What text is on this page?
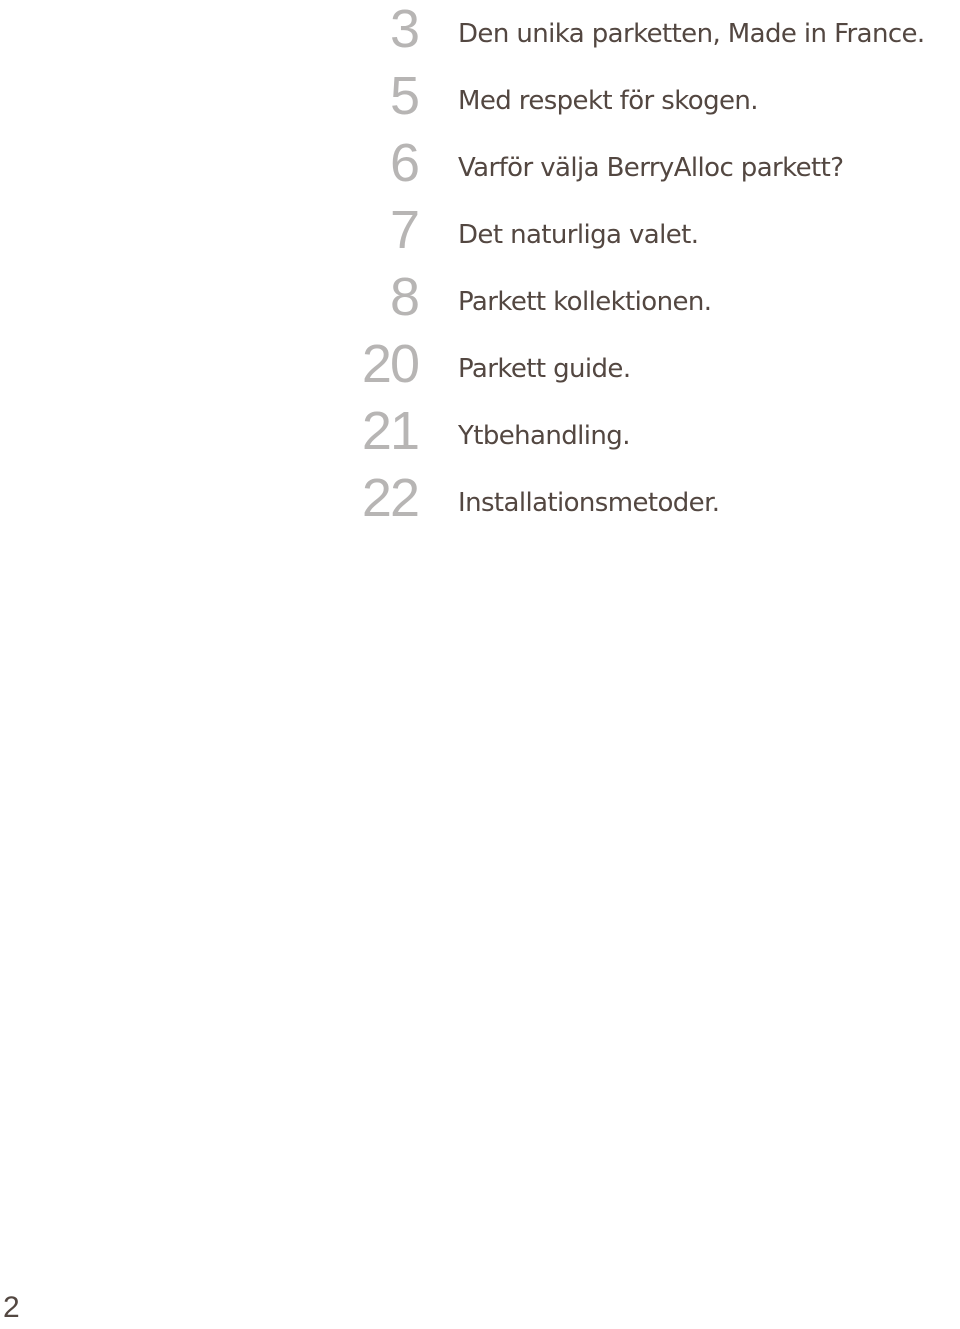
3 Den unika parketten, Made in France.
5 Med respekt för skogen.
6 Varför välja BerryAlloc parkett?
7 Det naturliga valet.
8 Parkett kollektionen.
20 Parkett guide.
21 Ytbehandling.
22 Installationsmetoder.
2
